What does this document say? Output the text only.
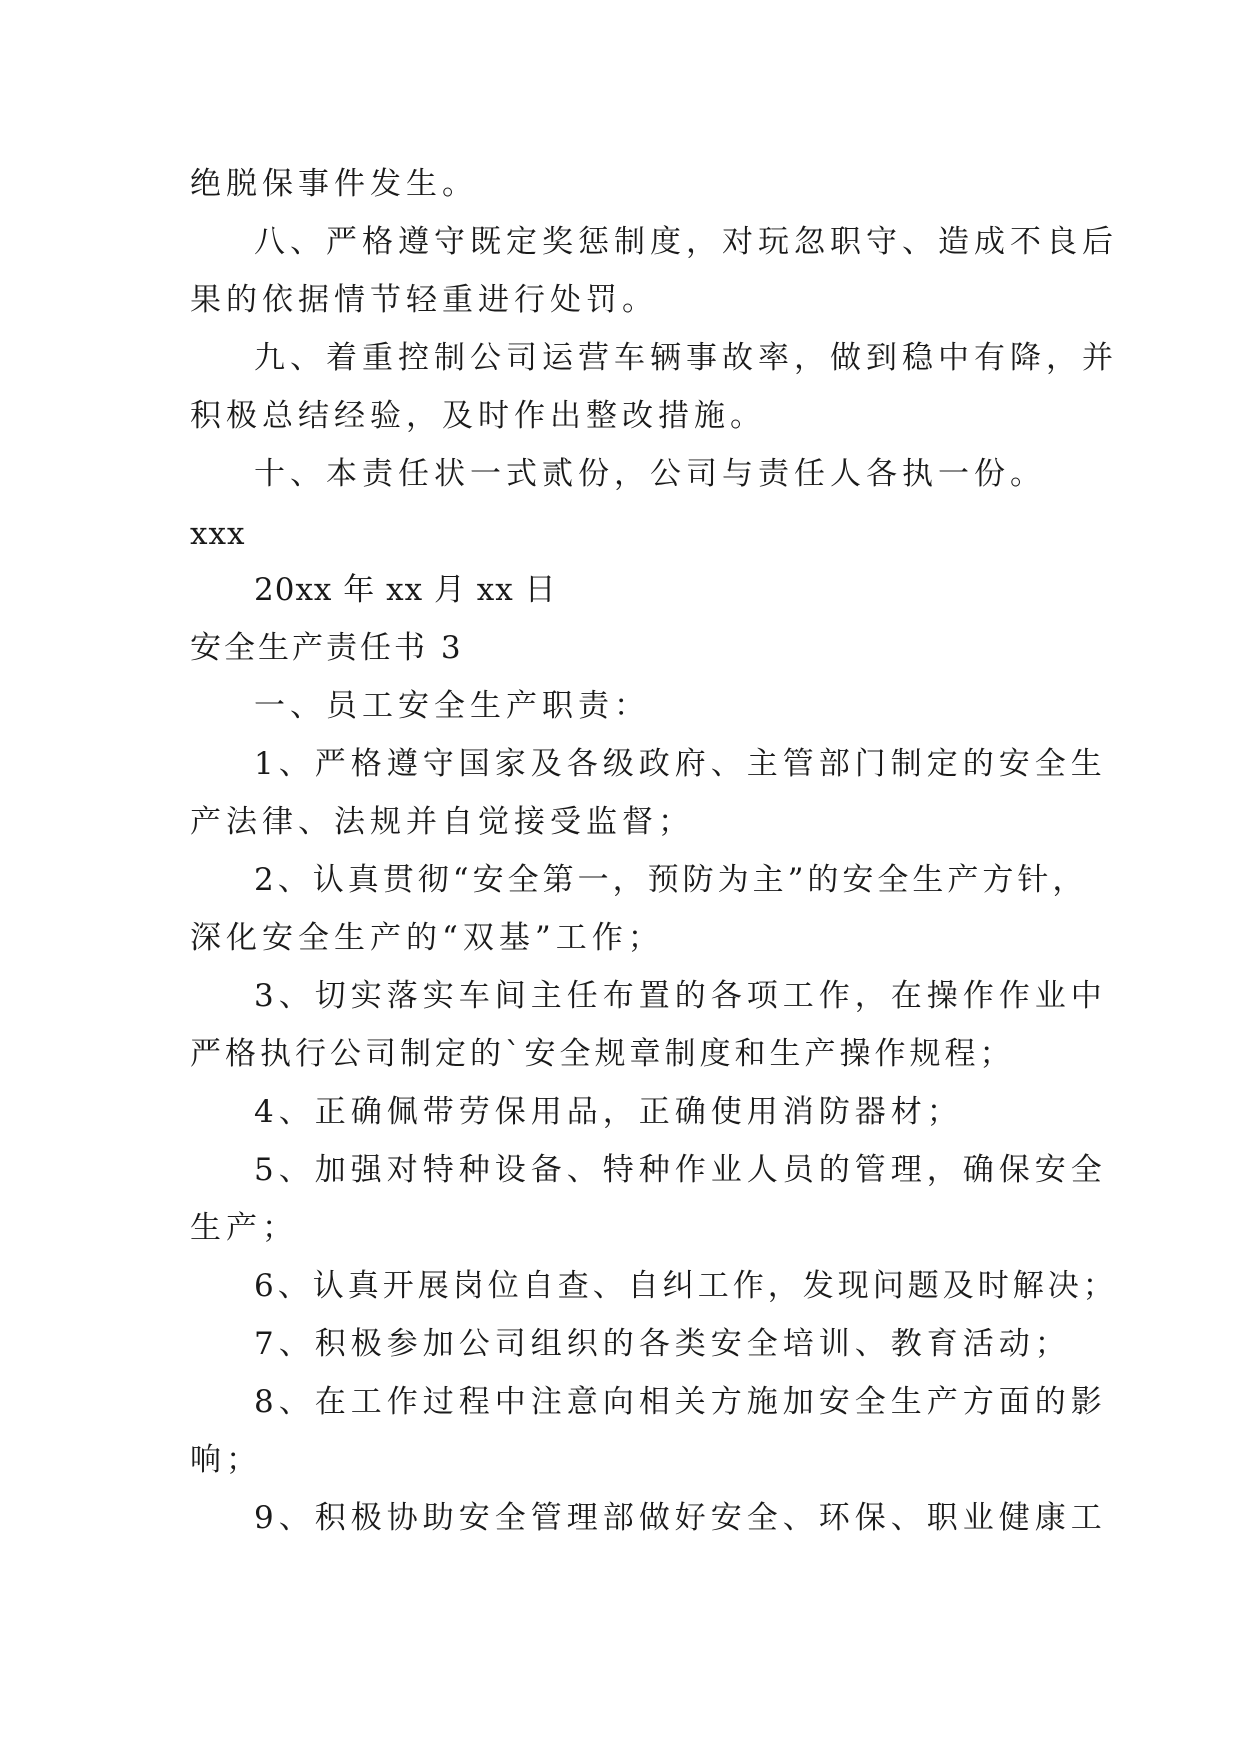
绝脱保事件发生。
八、严格遵守既定奖惩制度，对玩忽职守、造成不良后
果的依据情节轻重进行处罚。
九、着重控制公司运营车辆事故率，做到稳中有降，并
积极总结经验，及时作出整改措施。
十、本责任状一式贰份，公司与责任人各执一份。
xxx
20xx 年 xx 月 xx 日
安全生产责任书 3
一、员工安全生产职责：
1、严格遵守国家及各级政府、主管部门制定的安全生
产法律、法规并自觉接受监督；
2、认真贯彻“安全第一，预防为主”的安全生产方针，
深化安全生产的“双基”工作；
3、切实落实车间主任布置的各项工作，在操作作业中
严格执行公司制定的`安全规章制度和生产操作规程；
4、正确佩带劳保用品，正确使用消防器材；
5、加强对特种设备、特种作业人员的管理，确保安全
生产；
6、认真开展岗位自查、自纠工作，发现问题及时解决；
7、积极参加公司组织的各类安全培训、教育活动；
8、在工作过程中注意向相关方施加安全生产方面的影
响；
9、积极协助安全管理部做好安全、环保、职业健康工
